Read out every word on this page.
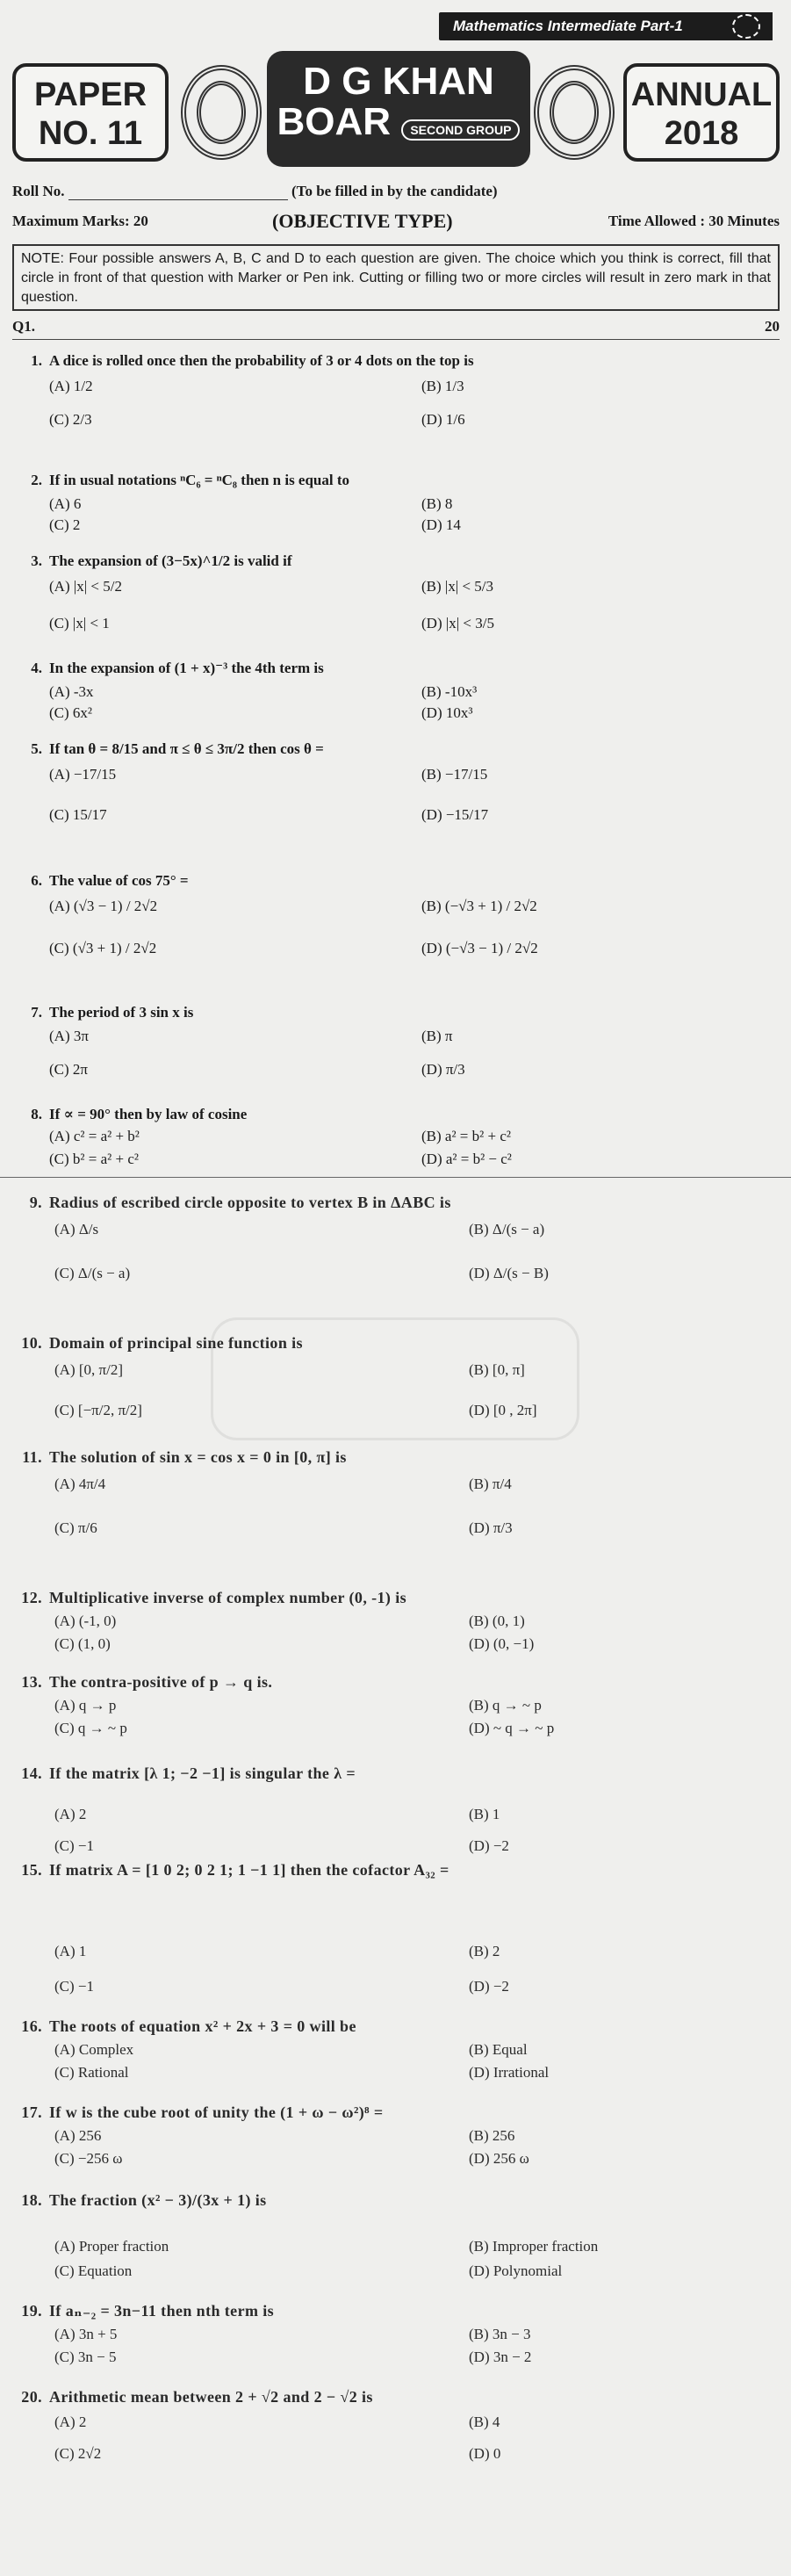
Mathematics Intermediate Part-1
PAPER
NO. 11
D G KHAN
BOAR SECOND GROUP
ANNUAL
2018
Roll No.	(To be filled in by the candidate)
Maximum Marks: 20	(OBJECTIVE TYPE)	Time Allowed : 30 Minutes
NOTE: Four possible answers A, B, C and D to each question are given. The choice which you think is correct, fill that circle in front of that question with Marker or Pen ink. Cutting or filling two or more circles will result in zero mark in that question.
Q1.	20
1. A dice is rolled once then the probability of 3 or 4 dots on the top is
(A) 1/2	(B) 1/3
(C) 2/3	(D) 1/6
2. If in usual notations ⁿC₆ = ⁿC₈ then n is equal to
(A) 6	(B) 8
(C) 2	(D) 14
3. The expansion of (3−5x)^1/2 is valid if
(A) |x| < 5/2	(B) |x| < 5/3
(C) |x| < 1	(D) |x| < 3/5
4. In the expansion of (1 + x)⁻³ the 4th term is
(A) -3x	(B) -10x³
(C) 6x²	(D) 10x³
5. If tan θ = 8/15 and π ≤ θ ≤ 3π/2 then cos θ =
(A) −17/15	(B) −17/15
(C) 15/17	(D) −15/17
6. The value of cos 75° =
(A) (√3 − 1) / 2√2	(B) (−√3 + 1) / 2√2
(C) (√3 + 1) / 2√2	(D) (−√3 − 1) / 2√2
7. The period of 3 sin x is
(A) 3π	(B) π
(C) 2π	(D) π/3
8. If ∝ = 90° then by law of cosine
(A) c² = a² + b²	(B) a² = b² + c²
(C) b² = a² + c²	(D) a² = b² − c²
9. Radius of escribed circle opposite to vertex B in ΔABC is
(A) Δ/s	(B) Δ/(s − a)
(C) Δ/(s − a)	(D) Δ/(s − B)
10. Domain of principal sine function is
(A) [0, π/2]	(B) [0, π]
(C) [−π/2, π/2]	(D) [0 , 2π]
11. The solution of sin x = cos x = 0 in [0, π] is
(A) 4π/4	(B) π/4
(C) π/6	(D) π/3
12. Multiplicative inverse of complex number (0, -1) is
(A) (-1, 0)	(B) (0, 1)
(C) (1, 0)	(D) (0, −1)
13. The contra-positive of p → q is.
(A) q → p	(B) q → ~ p
(C) q → ~ p	(D) ~ q → ~ p
14. If the matrix [λ 1; −2 −1] is singular the λ =
(A) 2	(B) 1
(C) −1	(D) −2
15. If matrix A = [1 0 2; 0 2 1; 1 −1 1] then the cofactor A₃₂ =
(A) 1	(B) 2
(C) −1	(D) −2
16. The roots of equation x² + 2x + 3 = 0 will be
(A) Complex	(B) Equal
(C) Rational	(D) Irrational
17. If w is the cube root of unity the (1 + ω − ω²)⁸ =
(A) 256	(B) 256
(C) −256 ω	(D) 256 ω
18. The fraction (x² − 3)/(3x + 1) is
(A) Proper fraction	(B) Improper fraction
(C) Equation	(D) Polynomial
19. If aₙ₋₂ = 3n−11 then nth term is
(A) 3n + 5	(B) 3n − 3
(C) 3n − 5	(D) 3n − 2
20. Arithmetic mean between 2 + √2 and 2 − √2 is
(A) 2	(B) 4
(C) 2√2	(D) 0
